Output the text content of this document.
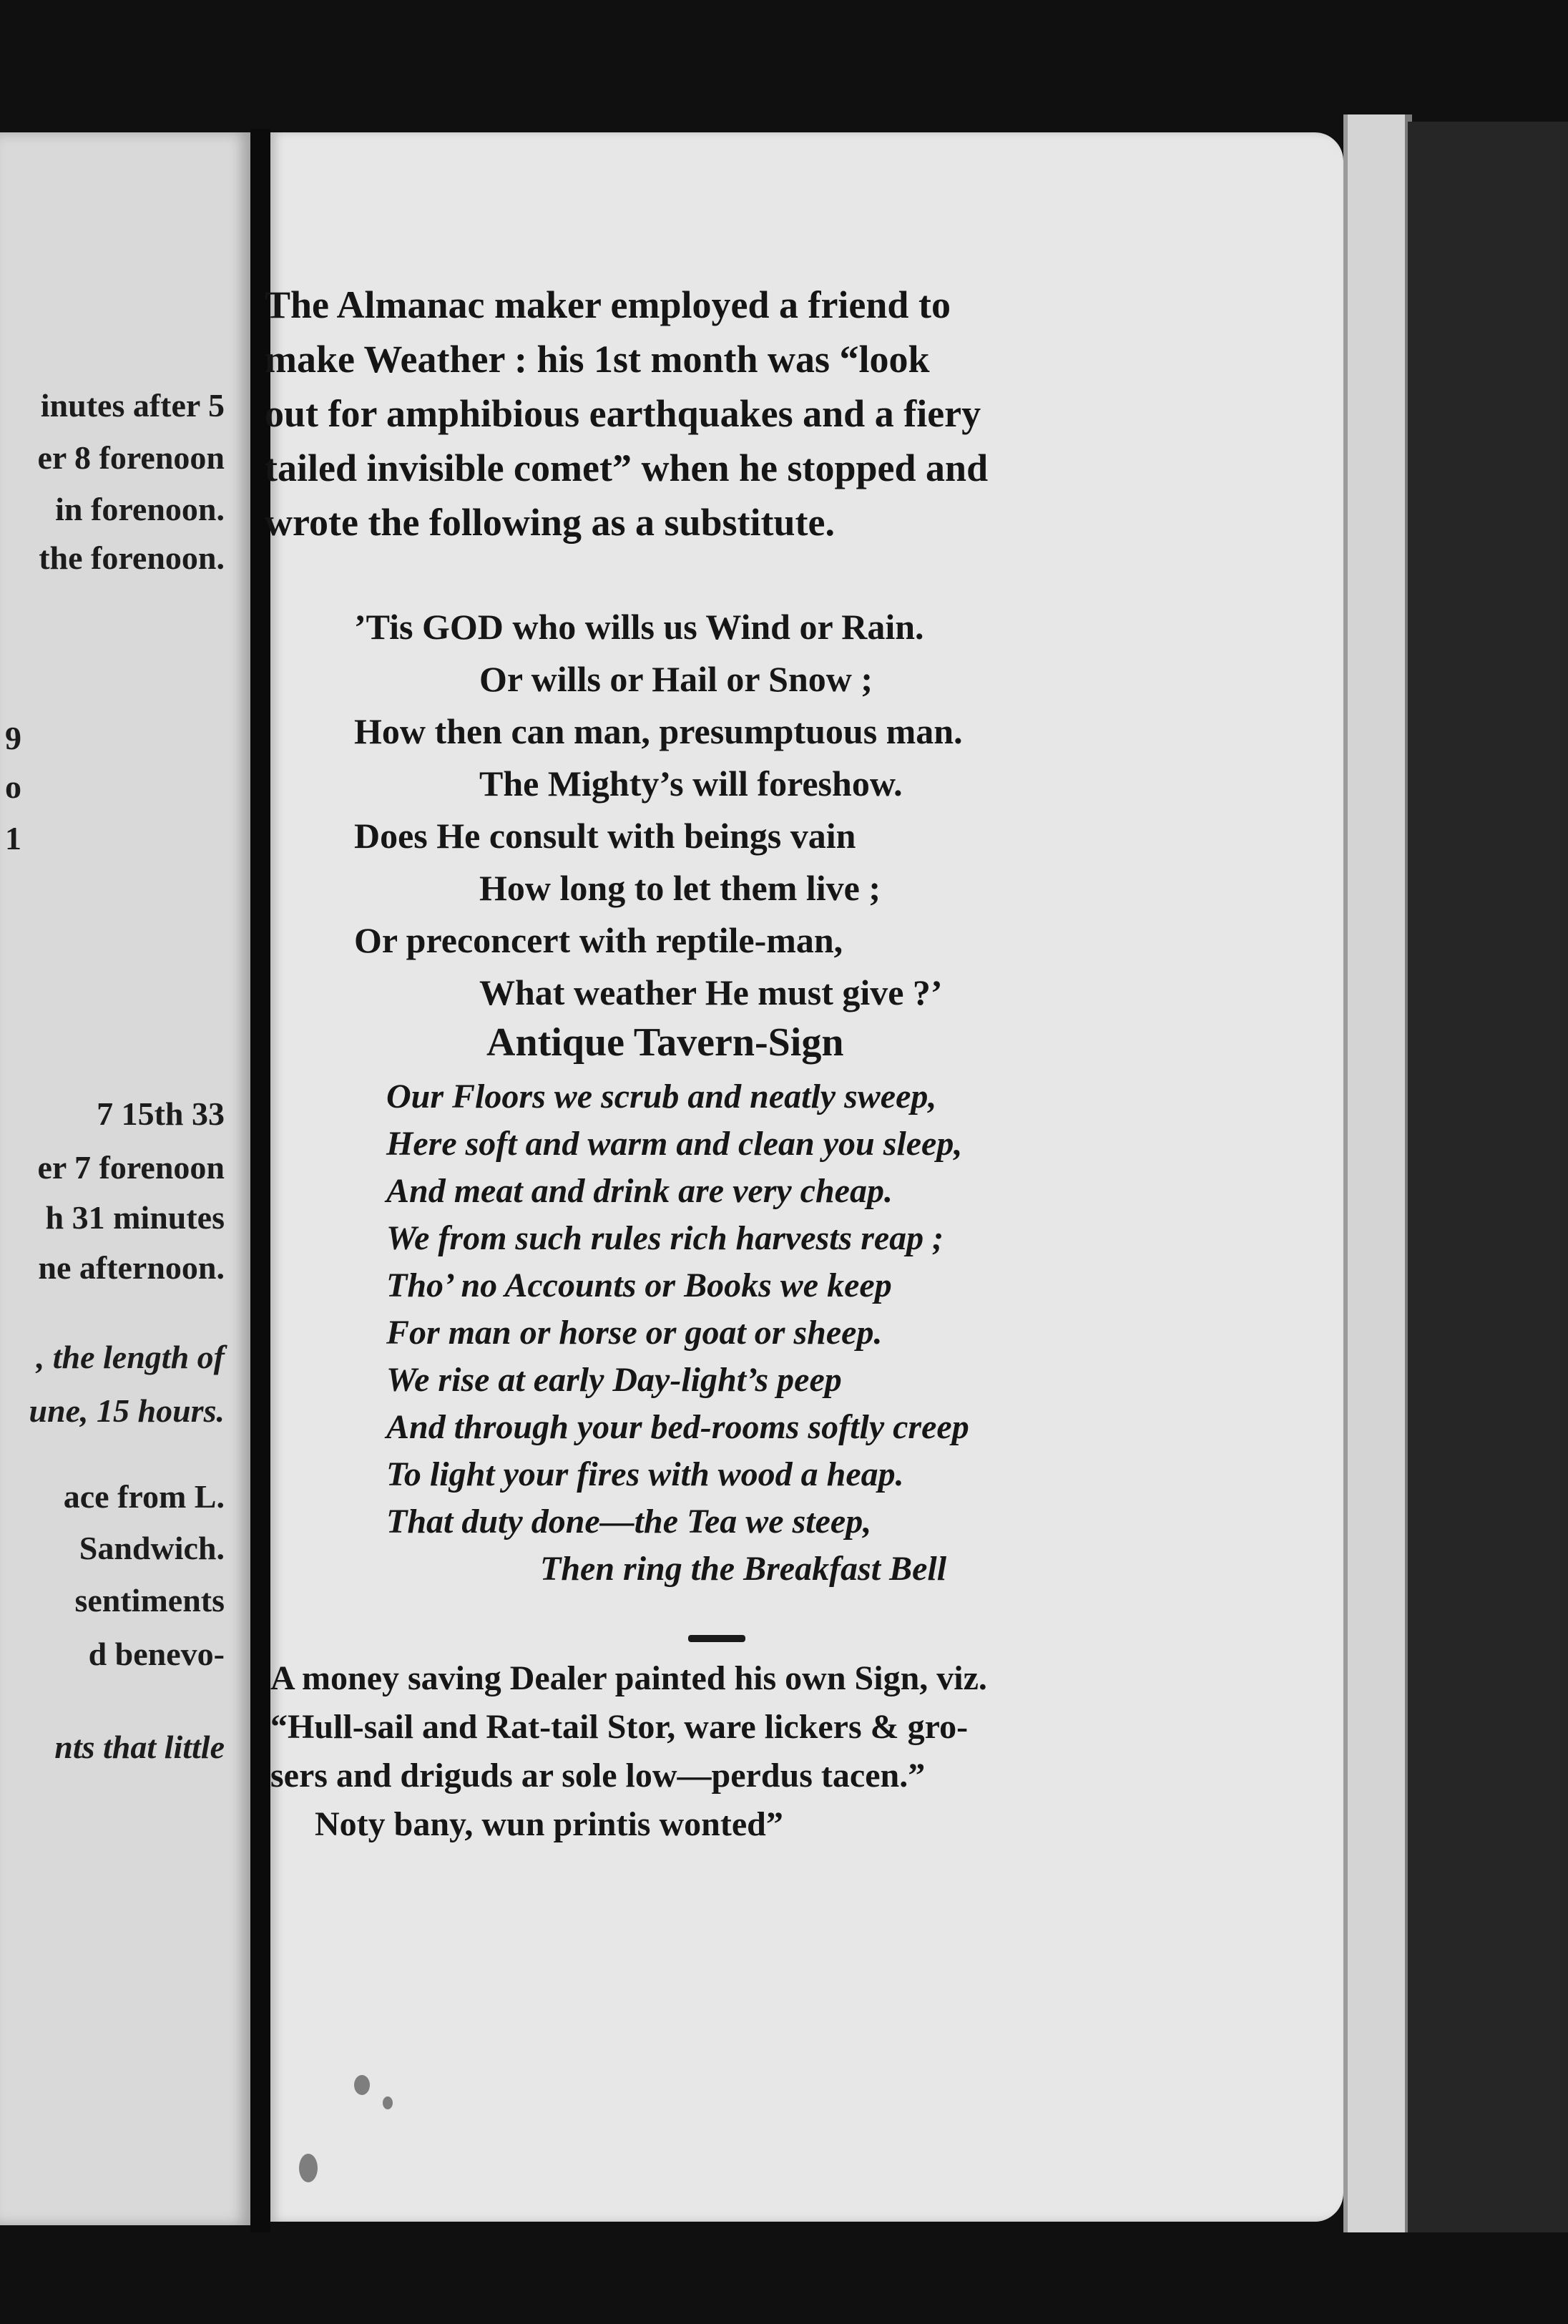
inutes after 5
er 8 forenoon
in forenoon.
the forenoon.
9
o
1
7 15th 33
er 7 forenoon
h 31 minutes
ne afternoon.
, the length of
une, 15 hours.
ace from L.
Sandwich.
sentiments
d benevo-
nts that little

The Almanac maker employed a friend to

make Weather : his 1st month was “look

out for amphibious earthquakes and a fiery

tailed invisible comet” when he stopped and

wrote the following as a substitute.

’Tis GOD who wills us Wind or Rain.
Or wills or Hail or Snow ;
How then can man, presumptuous man.
The Mighty’s will foreshow.
Does He consult with beings vain
How long to let them live ;
Or preconcert with reptile-man,
What weather He must give ?’
Antique Tavern-Sign
Our Floors we scrub and neatly sweep,
Here soft and warm and clean you sleep,
And meat and drink are very cheap.
We from such rules rich harvests reap ;
Tho’ no Accounts or Books we keep
For man or horse or goat or sheep.
We rise at early Day-light’s peep
And through your bed-rooms softly creep
To light your fires with wood a heap.
That duty done—the Tea we steep,
Then ring the Breakfast Bell
A money saving Dealer painted his own Sign, viz.
“Hull-sail and Rat-tail Stor, ware lickers & gro-
sers and driguds ar sole low—perdus tacen.”
Noty bany, wun printis wonted”
